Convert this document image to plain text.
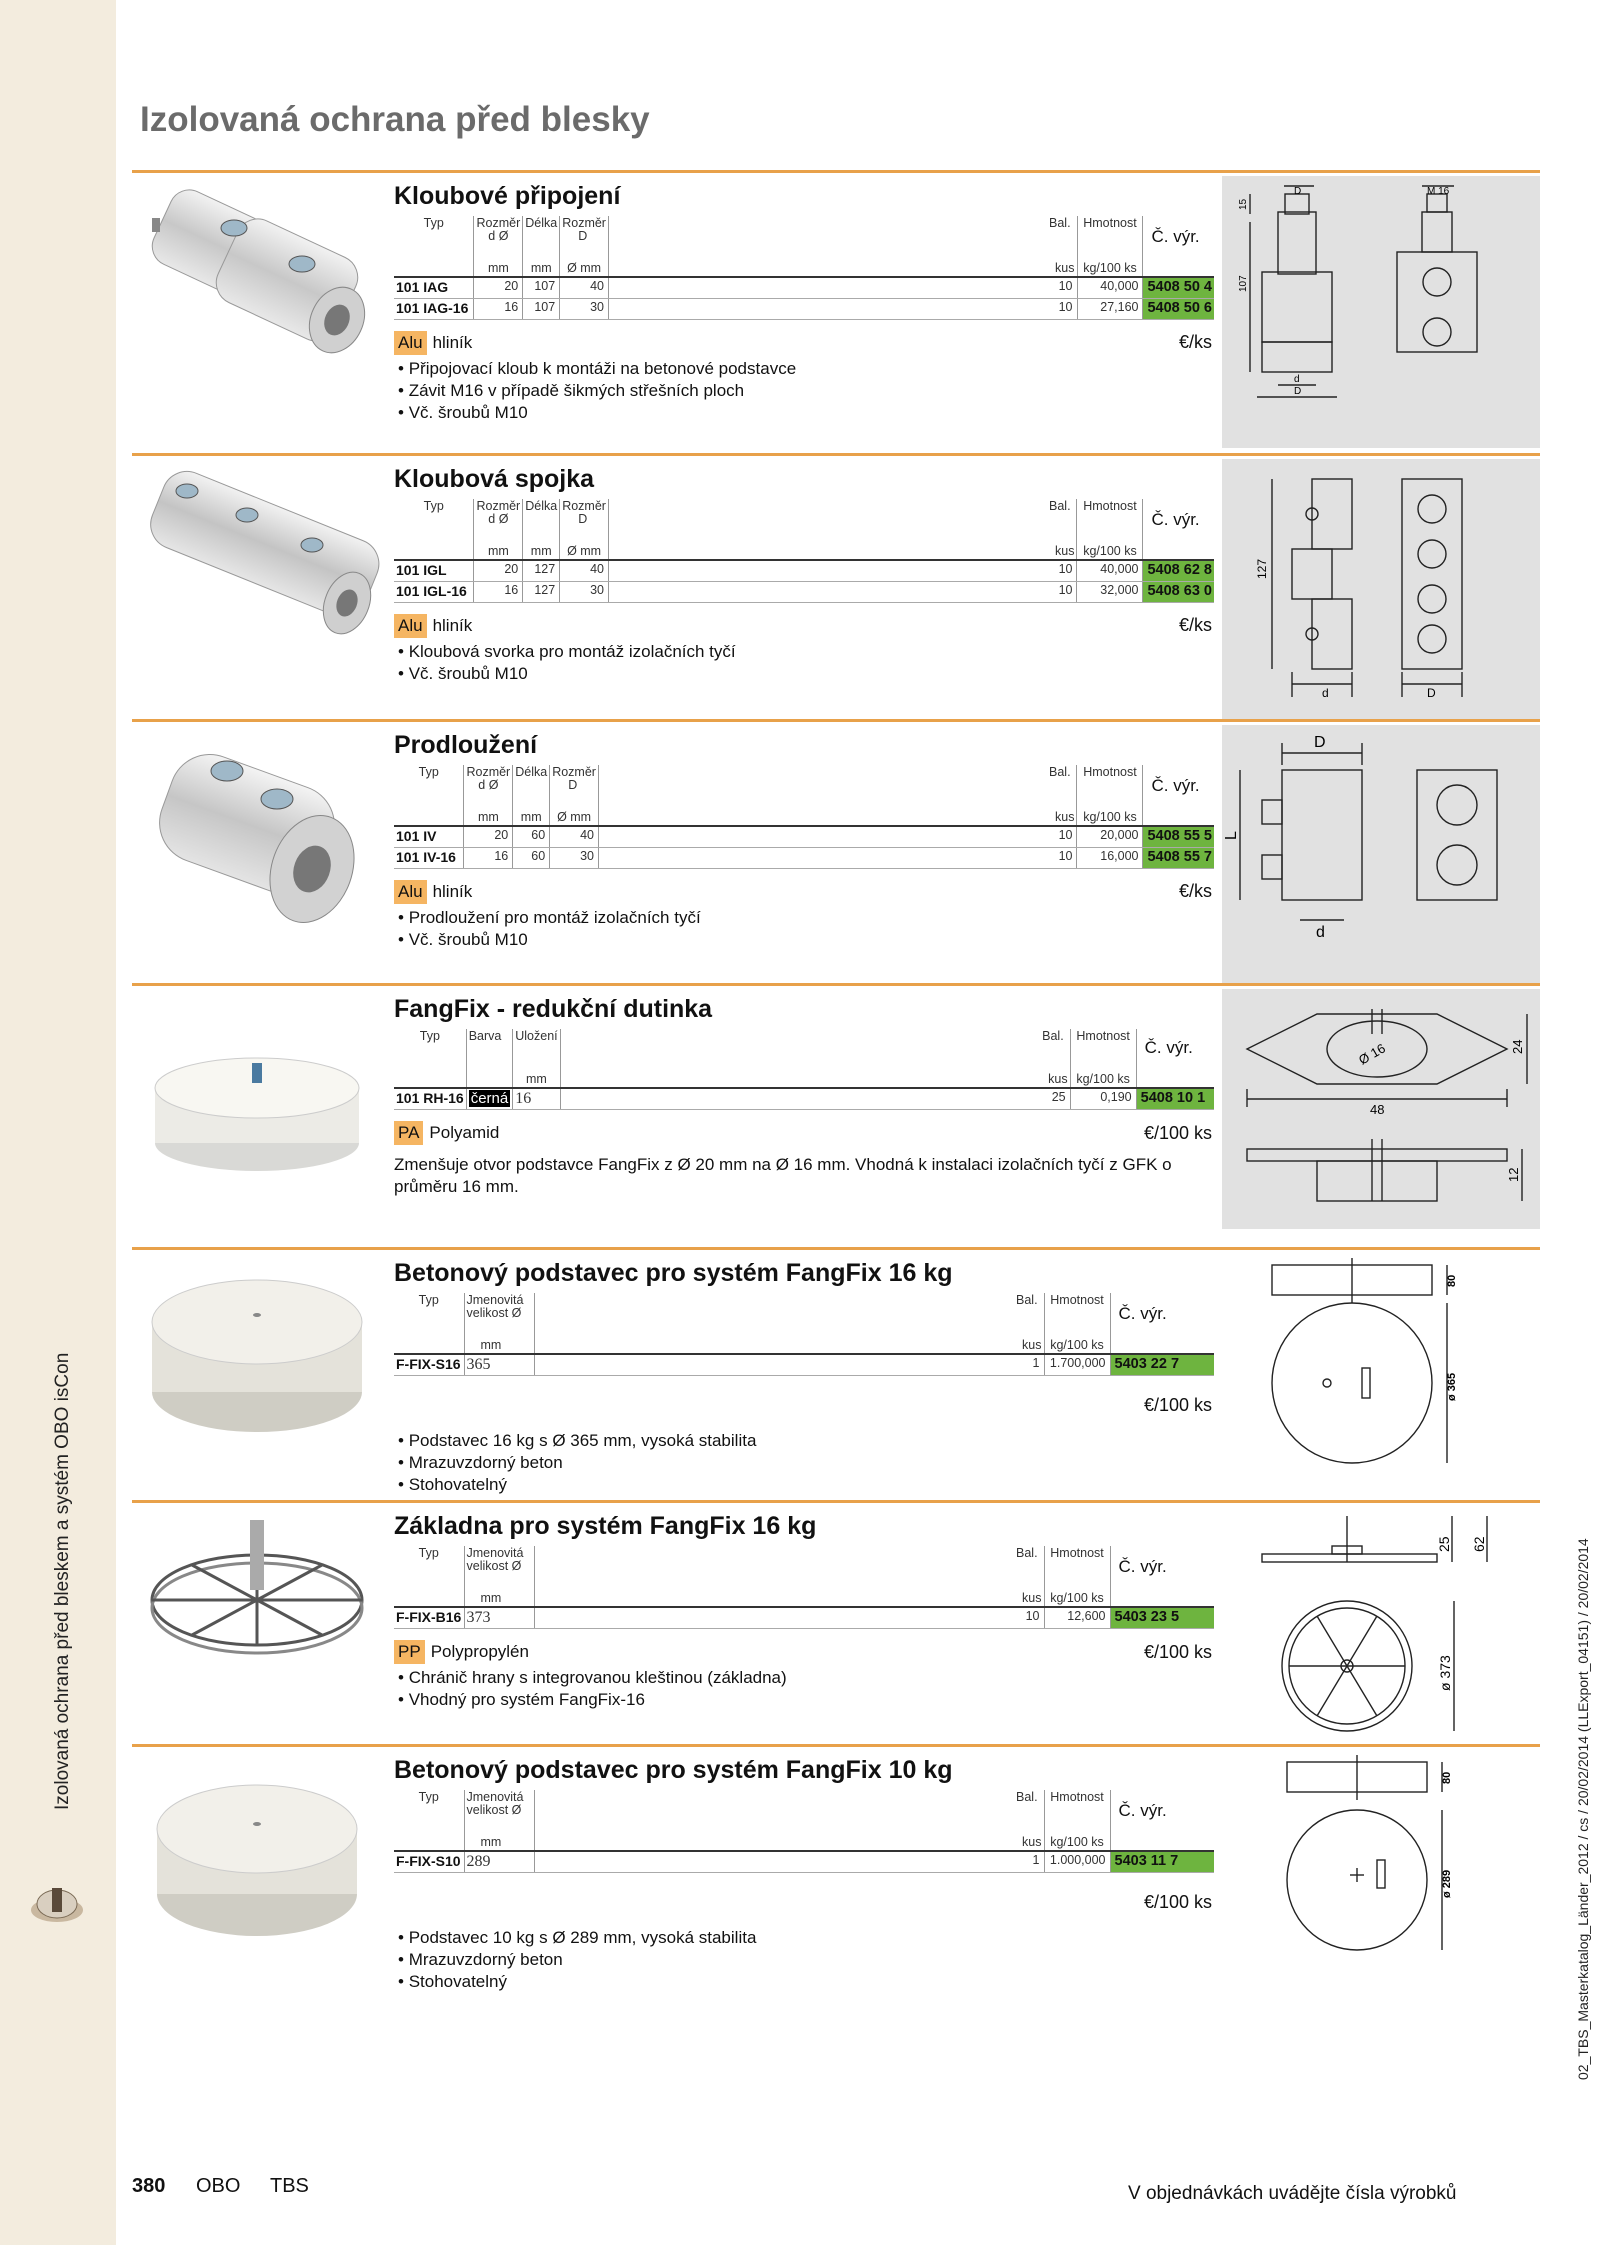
Izolovaná ochrana před bleskem a systém OBO isCon	02_TBS_Masterkatalog_Länder_2012 / cs / 20/02/2014 (LLExport_04151) / 20/02/2014
Izolovaná ochrana před blesky
Kloubové připojení
Typ	Rozměr
d Ø	Délka	Rozměr
D		Bal.	Hmotnost	Č. výr.

	mm	mm	Ø mm		kus	kg/100 ks	
101 IAG	20	107	40		10	40,000	5408 50 4
101 IAG-16	16	107	30		10	27,160	5408 50 6
Alu hliník	€/ks
• Připojovací kloub k montáži na betonové podstavce
• Závit M16 v případě šikmých střešních ploch
• Vč. šroubů M10
D	M 16
15
107
d
D
Kloubová spojka
Typ	Rozměr
d Ø	Délka	Rozměr
D		Bal.	Hmotnost	Č. výr.

	mm	mm	Ø mm		kus	kg/100 ks	
101 IGL	20	127	40		10	40,000	5408 62 8
101 IGL-16	16	127	30		10	32,000	5408 63 0
Alu hliník	€/ks
• Kloubová svorka pro montáž izolačních tyčí
• Vč. šroubů M10
127
d	D
Prodloužení
Typ	Rozměr
d Ø	Délka	Rozměr
D		Bal.	Hmotnost	Č. výr.

	mm	mm	Ø mm		kus	kg/100 ks	
101 IV	20	60	40		10	20,000	5408 55 5
101 IV-16	16	60	30		10	16,000	5408 55 7
Alu hliník	€/ks
• Prodloužení pro montáž izolačních tyčí
• Vč. šroubů M10
D
L
d
FangFix - redukční dutinka
Typ	Barva	Uložení		Bal.	Hmotnost	Č. výr.

		mm		kus	kg/100 ks	
101 RH-16	černá	16		25	0,190	5408 10 1
PA Polyamid	€/100 ks
Zmenšuje otvor podstavce FangFix z Ø 20 mm na Ø 16 mm. Vhodná k instalaci izolačních tyčí z GFK o průměru 16 mm.
Ø 16
48
24
12
Betonový podstavec pro systém FangFix 16 kg
Typ	Jmenovitá
velikost Ø		Bal.	Hmotnost	Č. výr.

	mm		kus	kg/100 ks	
F-FIX-S16	365		1	1.700,000	5403 22 7
€/100 ks
• Podstavec 16 kg s Ø 365 mm, vysoká stabilita
• Mrazuvzdorný beton
• Stohovatelný
80
ø 365
Základna pro systém FangFix 16 kg
Typ	Jmenovitá
velikost Ø		Bal.	Hmotnost	Č. výr.

	mm		kus	kg/100 ks	
F-FIX-B16	373		10	12,600	5403 23 5
PP Polypropylén	€/100 ks
• Chránič hrany s integrovanou kleštinou (základna)
• Vhodný pro systém FangFix-16
25 62
ø 373
Betonový podstavec pro systém FangFix 10 kg
Typ	Jmenovitá
velikost Ø		Bal.	Hmotnost	Č. výr.

	mm		kus	kg/100 ks	
F-FIX-S10	289		1	1.000,000	5403 11 7
€/100 ks
• Podstavec 10 kg s Ø 289 mm, vysoká stabilita
• Mrazuvzdorný beton
• Stohovatelný
80
ø 289
380 OBO TBS	V objednávkách uvádějte čísla výrobků
